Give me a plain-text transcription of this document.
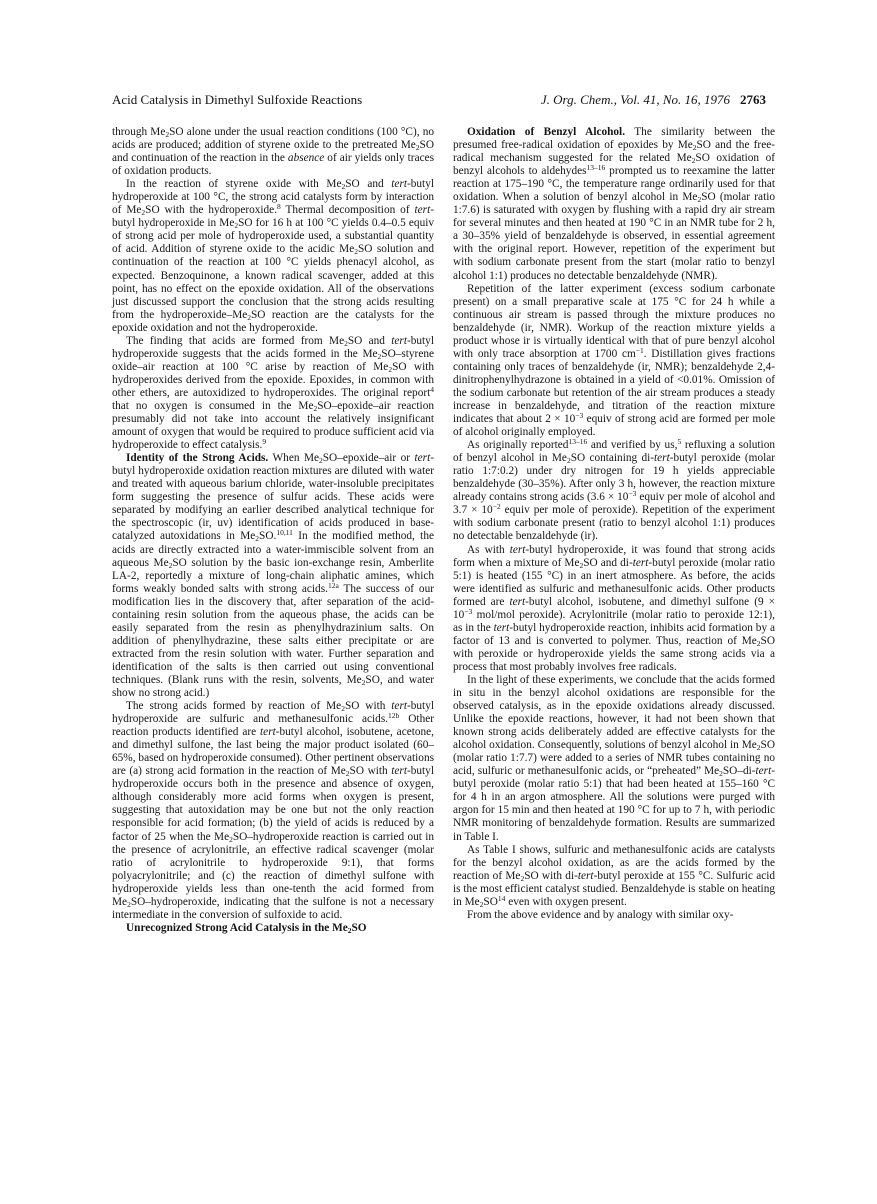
Acid Catalysis in Dimethyl Sulfoxide Reactions	J. Org. Chem., Vol. 41, No. 16, 1976 2763

through $Me_2SO$ alone under the usual reaction conditions (100 °C), no acids are produced; addition of styrene oxide to the pretreated $Me_2SO$ and continuation of the reaction in the absence of air yields only traces of oxidation products.

In the reaction of styrene oxide with $Me_2SO$ and tert-butyl hydroperoxide at 100 °C, the strong acid catalysts form by interaction of $Me_2SO$ with the hydroperoxide.$^8$ Thermal decomposition of tert-butyl hydroperoxide in $Me_2SO$ for 16 h at 100 °C yields 0.4–0.5 equiv of strong acid per mole of hydroperoxide used, a substantial quantity of acid. Addition of styrene oxide to the acidic $Me_2SO$ solution and continuation of the reaction at 100 °C yields phenacyl alcohol, as expected. Benzoquinone, a known radical scavenger, added at this point, has no effect on the epoxide oxidation. All of the observations just discussed support the conclusion that the strong acids resulting from the hydroperoxide–$Me_2SO$ reaction are the catalysts for the epoxide oxidation and not the hydroperoxide.

The finding that acids are formed from $Me_2SO$ and tert-butyl hydroperoxide suggests that the acids formed in the $Me_2SO$–styrene oxide–air reaction at 100 °C arise by reaction of $Me_2SO$ with hydroperoxides derived from the epoxide. Epoxides, in common with other ethers, are autoxidized to hydroperoxides. The original report$^4$ that no oxygen is consumed in the $Me_2SO-epoxide$–air reaction presumably did not take into account the relatively insignificant amount of oxygen that would be required to produce sufficient acid via hydroperoxide to effect catalysis.$^9$

Identity of the Strong Acids. When $Me_2SO-epoxide$–air or tert-butyl hydroperoxide oxidation reaction mixtures are diluted with water and treated with aqueous barium chloride, water-insoluble precipitates form suggesting the presence of sulfur acids. These acids were separated by modifying an earlier described analytical technique for the spectroscopic (ir, uv) identification of acids produced in base-catalyzed autoxidations in $Me_2SO.^{10,11}$ In the modified method, the acids are directly extracted into a water-immiscible solvent from an aqueous $Me_2SO$ solution by the basic ion-exchange resin, Amberlite LA-2, reportedly a mixture of long-chain aliphatic amines, which forms weakly bonded salts with strong acids.$^{12a}$ The success of our modification lies in the discovery that, after separation of the acid-containing resin solution from the aqueous phase, the acids can be easily separated from the resin as phenylhydrazinium salts. On addition of phenylhydrazine, these salts either precipitate or are extracted from the resin solution with water. Further separation and identification of the salts is then carried out using conventional techniques. (Blank runs with the resin, solvents, $Me_2SO$, and water show no strong acid.)

The strong acids formed by reaction of $Me_2SO$ with tert-butyl hydroperoxide are sulfuric and methanesulfonic acids.$^{12b}$ Other reaction products identified are tert-butyl alcohol, isobutene, acetone, and dimethyl sulfone, the last being the major product isolated (60–65%, based on hydroperoxide consumed). Other pertinent observations are (a) strong acid formation in the reaction of $Me_2SO$ with tert-butyl hydroperoxide occurs both in the presence and absence of oxygen, although considerably more acid forms when oxygen is present, suggesting that autoxidation may be one but not the only reaction responsible for acid formation; (b) the yield of acids is reduced by a factor of 25 when the $Me_2SO$–hydroperoxide reaction is carried out in the presence of acrylonitrile, an effective radical scavenger (molar ratio of acrylonitrile to hydroperoxide 9:1), that forms polyacrylonitrile; and (c) the reaction of dimethyl sulfone with hydroperoxide yields less than one-tenth the acid formed from $Me_2SO$–hydroperoxide, indicating that the sulfone is not a necessary intermediate in the conversion of sulfoxide to acid.

Unrecognized Strong Acid Catalysis in the $Me_2SO$

Oxidation of Benzyl Alcohol. The similarity between the presumed free-radical oxidation of epoxides by $Me_2SO$ and the free-radical mechanism suggested for the related $Me_2SO$ oxidation of benzyl alcohols to aldehydes$^{13-16}$ prompted us to reexamine the latter reaction at 175–190 °C, the temperature range ordinarily used for that oxidation. When a solution of benzyl alcohol in $Me_2SO$ (molar ratio 1:7.6) is saturated with oxygen by flushing with a rapid dry air stream for several minutes and then heated at 190 °C in an NMR tube for 2 h, a 30–35% yield of benzaldehyde is observed, in essential agreement with the original report. However, repetition of the experiment but with sodium carbonate present from the start (molar ratio to benzyl alcohol 1:1) produces no detectable benzaldehyde (NMR).

Repetition of the latter experiment (excess sodium carbonate present) on a small preparative scale at 175 °C for 24 h while a continuous air stream is passed through the mixture produces no benzaldehyde (ir, NMR). Workup of the reaction mixture yields a product whose ir is virtually identical with that of pure benzyl alcohol with only trace absorption at 1700 $cm^{-1}$. Distillation gives fractions containing only traces of benzaldehyde (ir, NMR); benzaldehyde 2,4-dinitrophenylhydrazone is obtained in a yield of <0.01%. Omission of the sodium carbonate but retention of the air stream produces a steady increase in benzaldehyde, and titration of the reaction mixture indicates that about $2 \times 10^{-3}$ equiv of strong acid are formed per mole of alcohol originally employed.

As originally reported$^{13-16}$ and verified by us,$^5$ refluxing a solution of benzyl alcohol in $Me_2SO$ containing di-tert-butyl peroxide (molar ratio 1:7:0.2) under dry nitrogen for 19 h yields appreciable benzaldehyde (30–35%). After only 3 h, however, the reaction mixture already contains strong acids ($3.6 \times 10^{-3}$ equiv per mole of alcohol and $3.7 \times 10^{-2}$ equiv per mole of peroxide). Repetition of the experiment with sodium carbonate present (ratio to benzyl alcohol 1:1) produces no detectable benzaldehyde (ir).

As with tert-butyl hydroperoxide, it was found that strong acids form when a mixture of $Me_2SO$ and di-tert-butyl peroxide (molar ratio 5:1) is heated (155 °C) in an inert atmosphere. As before, the acids were identified as sulfuric and methanesulfonic acids. Other products formed are tert-butyl alcohol, isobutene, and dimethyl sulfone ($9 \times 10^{-3}$ mol/mol peroxide). Acrylonitrile (molar ratio to peroxide 12:1), as in the tert-butyl hydroperoxide reaction, inhibits acid formation by a factor of 13 and is converted to polymer. Thus, reaction of $Me_2SO$ with peroxide or hydroperoxide yields the same strong acids via a process that most probably involves free radicals.

In the light of these experiments, we conclude that the acids formed in situ in the benzyl alcohol oxidations are responsible for the observed catalysis, as in the epoxide oxidations already discussed. Unlike the epoxide reactions, however, it had not been shown that known strong acids deliberately added are effective catalysts for the alcohol oxidation. Consequently, solutions of benzyl alcohol in $Me_2SO$ (molar ratio 1:7.7) were added to a series of NMR tubes containing no acid, sulfuric or methanesulfonic acids, or “preheated” $Me_2SO-di-tert$-butyl peroxide (molar ratio 5:1) that had been heated at 155–160 °C for 4 h in an argon atmosphere. All the solutions were purged with argon for 15 min and then heated at 190 °C for up to 7 h, with periodic NMR monitoring of benzaldehyde formation. Results are summarized in Table I.

As Table I shows, sulfuric and methanesulfonic acids are catalysts for the benzyl alcohol oxidation, as are the acids formed by the reaction of $Me_2SO$ with di-tert-butyl peroxide at 155 °C. Sulfuric acid is the most efficient catalyst studied. Benzaldehyde is stable on heating in $Me_2SO^{14}$ even with oxygen present.

From the above evidence and by analogy with similar oxy-
